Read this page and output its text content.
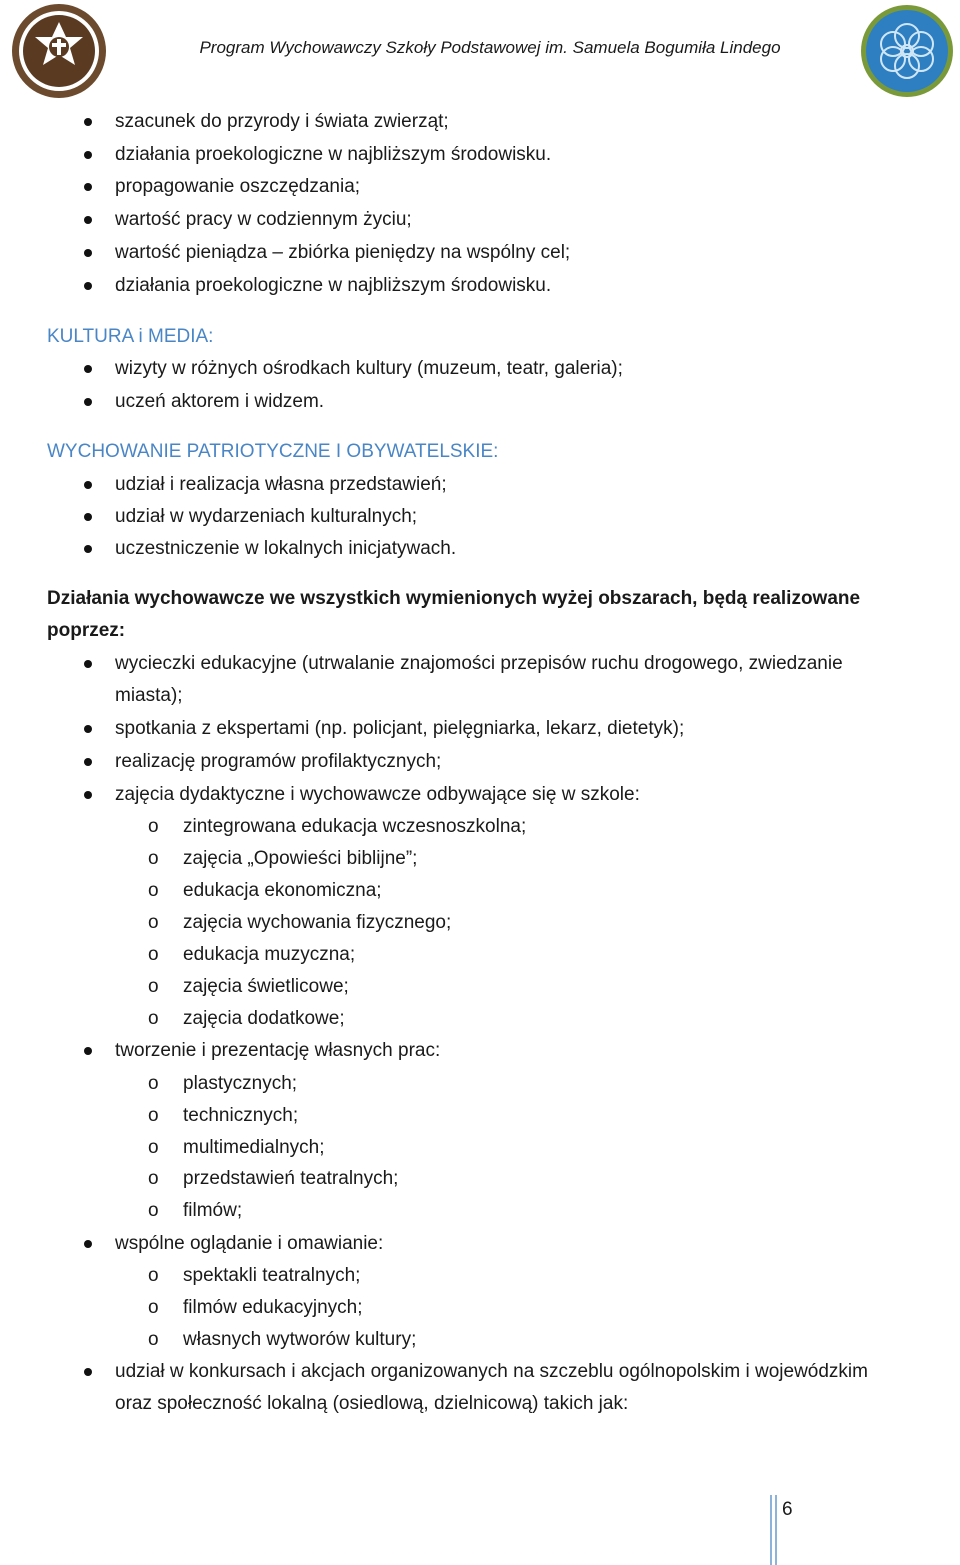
Program Wychowawczy Szkoły Podstawowej im. Samuela Bogumiła Lindego
szacunek do przyrody i świata zwierząt;
działania proekologiczne w najbliższym środowisku.
propagowanie oszczędzania;
wartość pracy w codziennym życiu;
wartość pieniądza – zbiórka pieniędzy na wspólny cel;
działania proekologiczne w najbliższym środowisku.
KULTURA i MEDIA:
wizyty w różnych ośrodkach kultury (muzeum, teatr, galeria);
uczeń aktorem i widzem.
WYCHOWANIE PATRIOTYCZNE I OBYWATELSKIE:
udział i realizacja własna przedstawień;
udział w wydarzeniach kulturalnych;
uczestniczenie w lokalnych inicjatywach.
Działania wychowawcze we wszystkich wymienionych wyżej obszarach, będą realizowane
poprzez:
wycieczki edukacyjne (utrwalanie znajomości przepisów ruchu drogowego, zwiedzanie
miasta);
spotkania z ekspertami (np. policjant, pielęgniarka, lekarz, dietetyk);
realizację programów profilaktycznych;
zajęcia dydaktyczne i wychowawcze odbywające się w szkole:
o zintegrowana edukacja wczesnoszkolna;
o zajęcia „Opowieści biblijne”;
o edukacja ekonomiczna;
o zajęcia wychowania fizycznego;
o edukacja muzyczna;
o zajęcia świetlicowe;
o zajęcia dodatkowe;
tworzenie i prezentację własnych prac:
o plastycznych;
o technicznych;
o multimedialnych;
o przedstawień teatralnych;
o filmów;
wspólne oglądanie i omawianie:
o spektakli teatralnych;
o filmów edukacyjnych;
o własnych wytworów kultury;
udział w konkursach i akcjach organizowanych na szczeblu ogólnopolskim i wojewódzkim
oraz społeczność lokalną (osiedlową, dzielnicową) takich jak:
6
